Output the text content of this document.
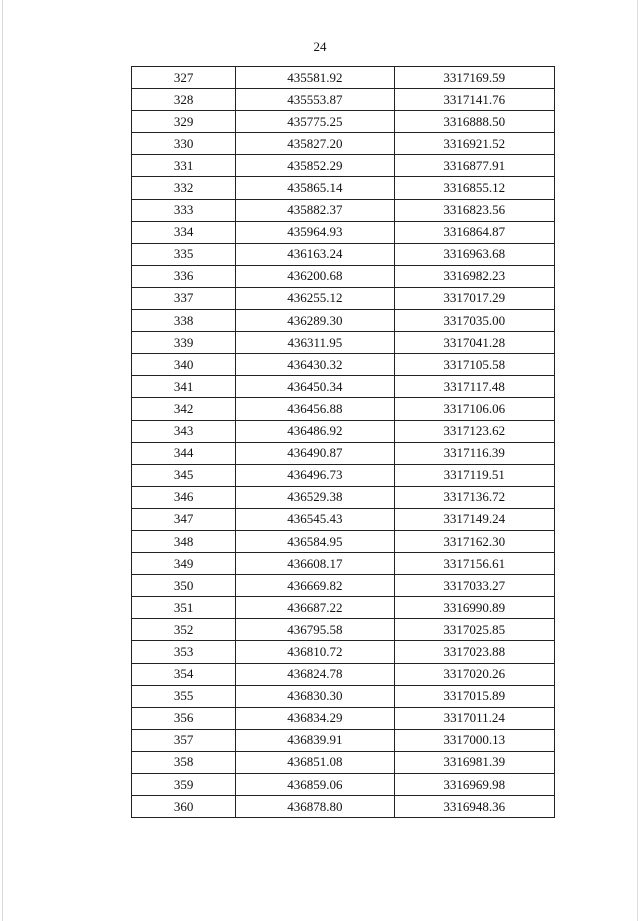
24
327	435581.92	3317169.59
328	435553.87	3317141.76
329	435775.25	3316888.50
330	435827.20	3316921.52
331	435852.29	3316877.91
332	435865.14	3316855.12
333	435882.37	3316823.56
334	435964.93	3316864.87
335	436163.24	3316963.68
336	436200.68	3316982.23
337	436255.12	3317017.29
338	436289.30	3317035.00
339	436311.95	3317041.28
340	436430.32	3317105.58
341	436450.34	3317117.48
342	436456.88	3317106.06
343	436486.92	3317123.62
344	436490.87	3317116.39
345	436496.73	3317119.51
346	436529.38	3317136.72
347	436545.43	3317149.24
348	436584.95	3317162.30
349	436608.17	3317156.61
350	436669.82	3317033.27
351	436687.22	3316990.89
352	436795.58	3317025.85
353	436810.72	3317023.88
354	436824.78	3317020.26
355	436830.30	3317015.89
356	436834.29	3317011.24
357	436839.91	3317000.13
358	436851.08	3316981.39
359	436859.06	3316969.98
360	436878.80	3316948.36
